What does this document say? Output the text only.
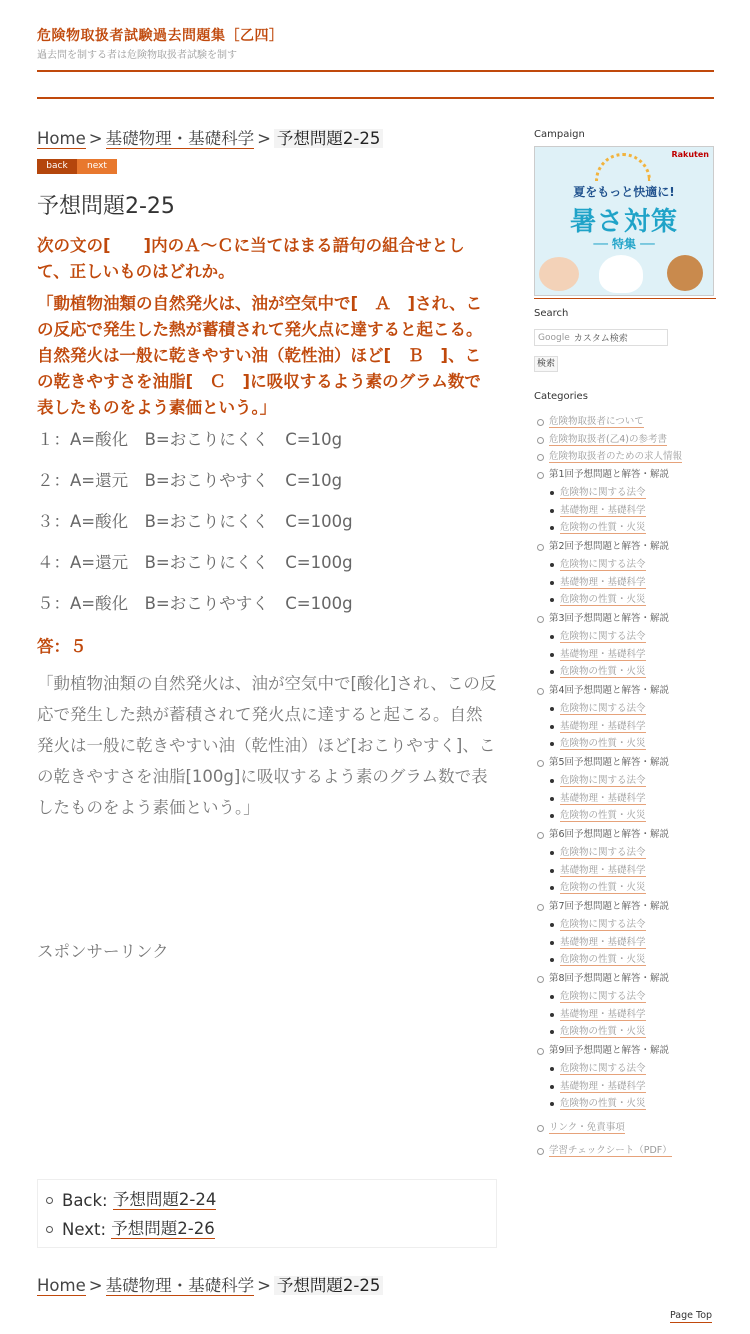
危険物取扱者試験過去問題集［乙四］
過去問を制する者は危険物取扱者試験を制す
Home > 基礎物理・基礎科学 > 予想問題2-25
back	next
予想問題2-25

次の文の[　　]内のＡ～Ｃに当てはまる語句の組合せとして、正しいものはどれか。

「動植物油類の自然発火は、油が空気中で[　Ａ　]され、この反応で発生した熱が蓄積されて発火点に達すると起こる。自然発火は一般に乾きやすい油（乾性油）ほど[　Ｂ　]、この乾きやすさを油脂[　Ｃ　]に吸収するよう素のグラム数で表したものをよう素価という。」

１：A=酸化　B=おこりにくく　C=10g

２：A=還元　B=おこりやすく　C=10g

３：A=酸化　B=おこりにくく　C=100g

４：A=還元　B=おこりにくく　C=100g

５：A=酸化　B=おこりやすく　C=100g

答：５

「動植物油類の自然発火は、油が空気中で[酸化]され、この反応で発生した熱が蓄積されて発火点に達すると起こる。自然発火は一般に乾きやすい油（乾性油）ほど[おこりやすく]、この乾きやすさを油脂[100g]に吸収するよう素のグラム数で表したものをよう素価という。」

スポンサーリンク
Back:
予想問題2-24
Next:
予想問題2-26
Home > 基礎物理・基礎科学 > 予想問題2-25
Campaign
Rakuten
夏をもっと快適に!
暑さ対策
── 特集 ──
Search
Google カスタム検索
検索
Categories
危険物取扱者について
危険物取扱者(乙4)の参考書
危険物取扱者のための求人情報
第1回予想問題と解答・解説
危険物に関する法令
基礎物理・基礎科学
危険物の性質・火災
第2回予想問題と解答・解説
危険物に関する法令
基礎物理・基礎科学
危険物の性質・火災
第3回予想問題と解答・解説
危険物に関する法令
基礎物理・基礎科学
危険物の性質・火災
第4回予想問題と解答・解説
危険物に関する法令
基礎物理・基礎科学
危険物の性質・火災
第5回予想問題と解答・解説
危険物に関する法令
基礎物理・基礎科学
危険物の性質・火災
第6回予想問題と解答・解説
危険物に関する法令
基礎物理・基礎科学
危険物の性質・火災
第7回予想問題と解答・解説
危険物に関する法令
基礎物理・基礎科学
危険物の性質・火災
第8回予想問題と解答・解説
危険物に関する法令
基礎物理・基礎科学
危険物の性質・火災
第9回予想問題と解答・解説
危険物に関する法令
基礎物理・基礎科学
危険物の性質・火災
リンク・免責事項
学習チェックシート（PDF）
Page Top
